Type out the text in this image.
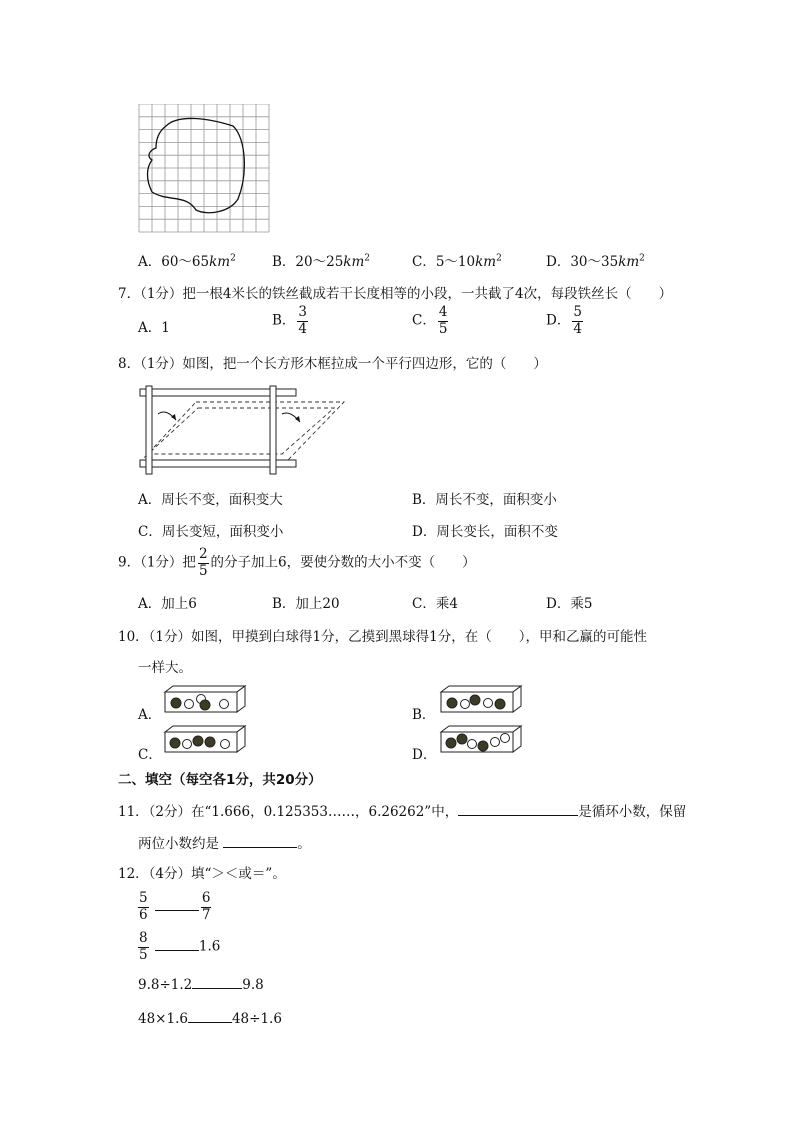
A．$60\sim 65km^2$	B．$20\sim 25km^2$	C．$5\sim 10km^2$	D．$30\sim 35km^2$
7．（1分）把一根4米长的铁丝截成若干长度相等的小段，一共截了4次，每段铁丝长（　　）
A．1	B． $\frac{3}{4}$	C． $\frac{4}{5}$	D． $\frac{5}{4}$
8．（1分）如图，把一个长方形木框拉成一个平行四边形，它的（　　）
A．周长不变，面积变大	B．周长不变，面积变小
C．周长变短，面积变小	D．周长变长，面积不变
9．（1分）把 $\frac{2}{5}$ 的分子加上6，要使分数的大小不变（　　）
A．加上6	B．加上20	C．乘4	D．乘5
10．（1分）如图，甲摸到白球得1分，乙摸到黑球得1分，在（　　），甲和乙赢的可能性
一样大。
A．	B．
C．	D．
二、填空（每空各1分，共20分）
11．（2分）在“1.666，0.125353……，6.26262”中，	是循环小数，保留
两位小数约是	。
12．（4分）填“＞＜或＝”。
$\frac{5}{6}$
	$\frac{6}{7}$
$\frac{8}{5}$	1.6
9.8÷1.2	9.8
48×1.6	48÷1.6
